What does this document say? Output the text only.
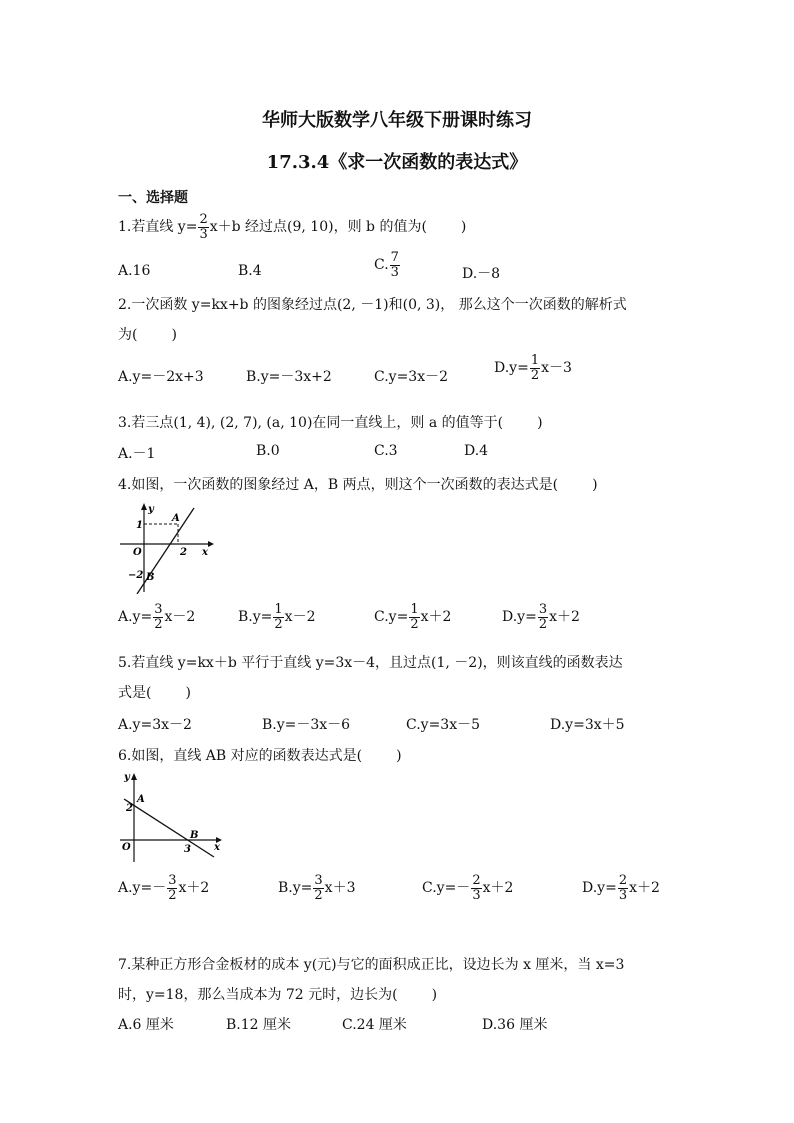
华师大版数学八年级下册课时练习
17.3.4《求一次函数的表达式》
一、选择题
1.若直线 $y= \frac{2}{3} x+b$ 经过点(9, 10)，则 b 的值为( )
A.16	B.4	C. $\frac{7}{3}$	D.－8
2.一次函数 y=kx+b 的图象经过点(2, －1)和(0, 3)， 那么这个一次函数的解析式
为( )
A.y=－2x+3	B.y=－3x+2	C.y=3x－2
$D.y= \frac{1}{2} x-3$
3.若三点(1, 4), (2, 7), (a, 10)在同一直线上，则 a 的值等于( )
A.－1	B.0	C.3	D.4
4.如图，一次函数的图象经过 A，B 两点，则这个一次函数的表达式是( )
y
x
O
1
2
−2
A
B
$A.y= \frac{3}{2} x-2$	$B.y= \frac{1}{2} x-2$	$C.y= \frac{1}{2} x+2$	$D.y= \frac{3}{2} x+2$
5.若直线 y=kx＋b 平行于直线 y=3x－4，且过点(1, －2)，则该直线的函数表达
式是( )
A.y=3x－2	B.y=－3x－6	C.y=3x－5	D.y=3x＋5
6.如图，直线 AB 对应的函数表达式是( )
y
x
O
2
3
A
B
$A.y=- \frac{3}{2} x+2$	$B.y= \frac{3}{2} x+3$	$C.y=- \frac{2}{3} x+2$	$D.y= \frac{2}{3} x+2$
7.某种正方形合金板材的成本 y(元)与它的面积成正比，设边长为 x 厘米，当 x=3
时，y=18，那么当成本为 72 元时，边长为( )
A.6 厘米	B.12 厘米	C.24 厘米	D.36 厘米
